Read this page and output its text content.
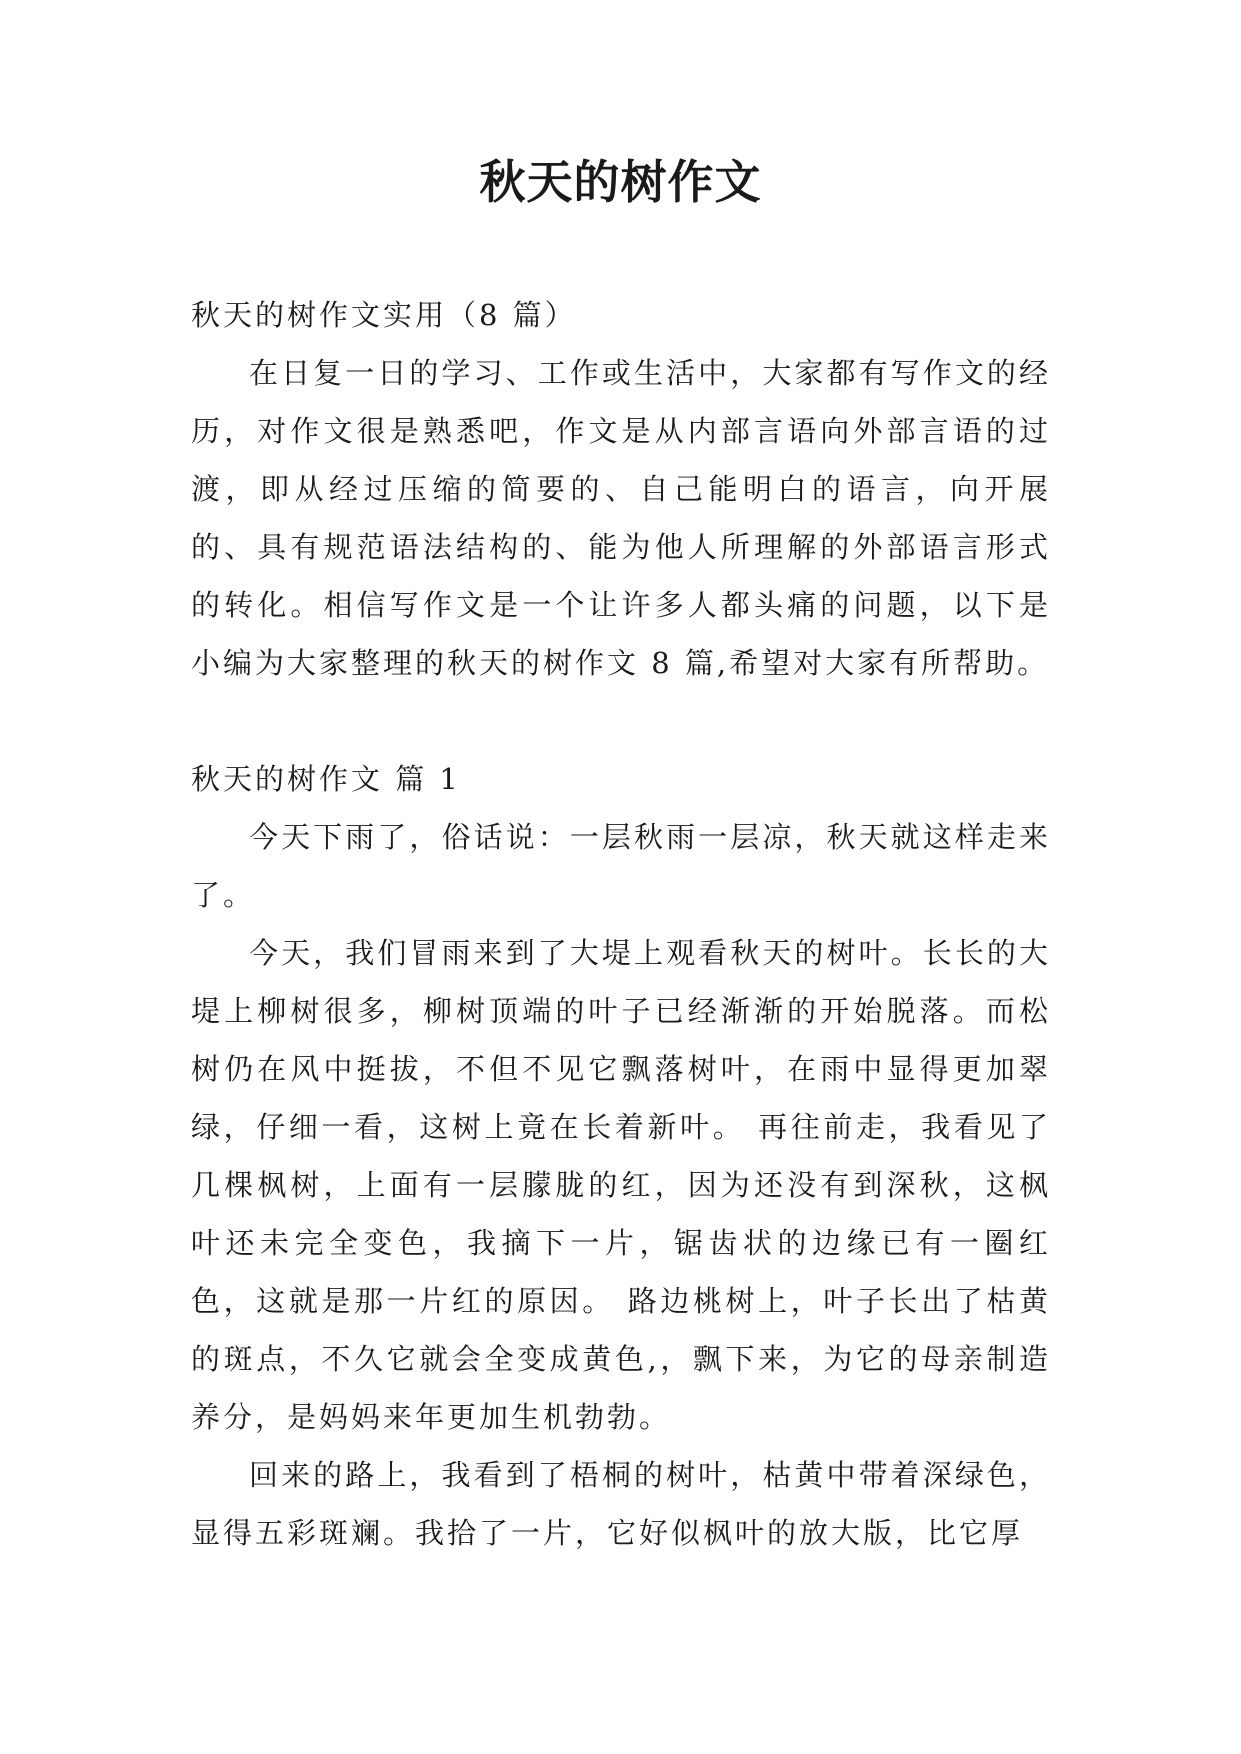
秋天的树作文

秋天的树作文实用（8 篇）

在日复一日的学习、工作或生活中，大家都有写作文的经历，对作文很是熟悉吧，作文是从内部言语向外部言语的过渡，即从经过压缩的简要的、自己能明白的语言，向开展的、具有规范语法结构的、能为他人所理解的外部语言形式的转化。相信写作文是一个让许多人都头痛的问题，以下是小编为大家整理的秋天的树作文 8 篇,希望对大家有所帮助。

秋天的树作文 篇 1

今天下雨了，俗话说：一层秋雨一层凉，秋天就这样走来了。

今天，我们冒雨来到了大堤上观看秋天的树叶。长长的大堤上柳树很多，柳树顶端的叶子已经渐渐的开始脱落。而松树仍在风中挺拔，不但不见它飘落树叶，在雨中显得更加翠绿，仔细一看，这树上竟在长着新叶。 再往前走，我看见了几棵枫树，上面有一层朦胧的红，因为还没有到深秋，这枫叶还未完全变色，我摘下一片，锯齿状的边缘已有一圈红色，这就是那一片红的原因。 路边桃树上，叶子长出了枯黄的斑点，不久它就会全变成黄色,，飘下来，为它的母亲制造养分，是妈妈来年更加生机勃勃。

回来的路上，我看到了梧桐的树叶，枯黄中带着深绿色，显得五彩斑斓。我拾了一片，它好似枫叶的放大版，比它厚
